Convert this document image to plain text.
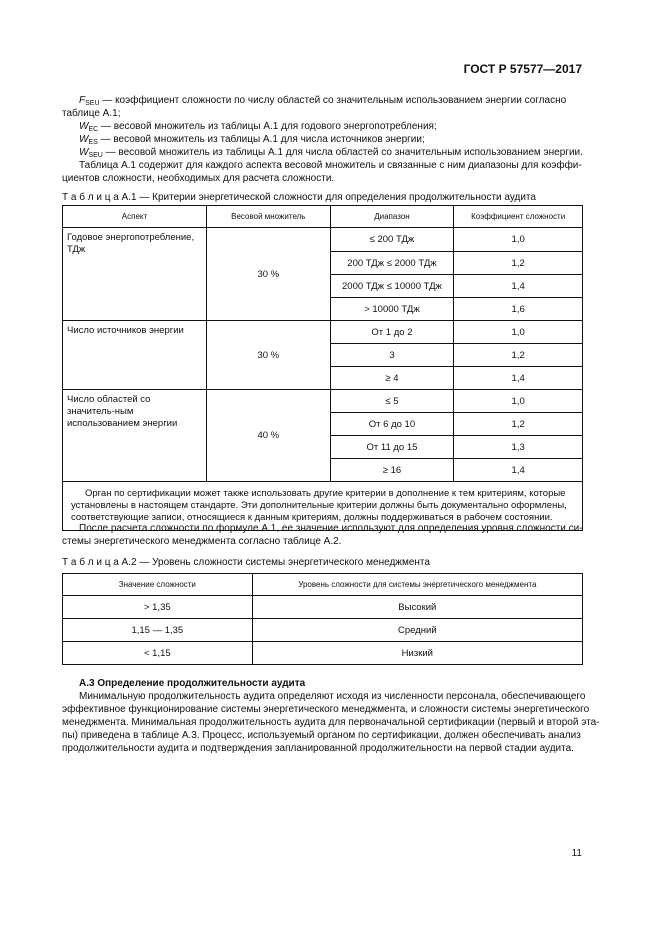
ГОСТ Р 57577—2017
$F_{SEU}$ — коэффициент сложности по числу областей со значительным использованием энергии согласно
таблице А.1;
$W_{EC}$ — весовой множитель из таблицы А.1 для годового энергопотребления;
$W_{ES}$ — весовой множитель из таблицы А.1 для числа источников энергии;
$W_{SEU}$ — весовой множитель из таблицы А.1 для числа областей со значительным использованием энергии.
Таблица А.1 содержит для каждого аспекта весовой множитель и связанные с ним диапазоны для коэффи-
циентов сложности, необходимых для расчета сложности.
Т а б л и ц а А.1 — Критерии энергетической сложности для определения продолжительности аудита
Аспект	Весовой множитель	Диапазон	Коэффициент сложности

Годовое энергопотребление, ТДж	30 %	≤ 200 ТДж	1,0
		200 ТДж ≤ 2000 ТДж	1,2
		2000 ТДж ≤ 10000 ТДж	1,4
		> 10000 ТДж	1,6

Число источников энергии	30 %	От 1 до 2	1,0
		3	1,2
		≥ 4	1,4

Число областей со значитель-ным использованием энергии	40 %	≤ 5	1,0
		От 6 до 10	1,2
		От 11 до 15	1,3
		≥ 16	1,4

Орган по сертификации может также использовать другие критерии в дополнение к тем критериям, которые установлены в настоящем стандарте. Эти дополнительные критерии должны быть документально оформлены, соответствующие записи, относящиеся к данным критериям, должны поддерживаться в рабочем состоянии.			
После расчета сложности по формуле А.1, ее значение используют для определения уровня сложности си-
стемы энергетического менеджмента согласно таблице А.2.
Т а б л и ц а А.2 — Уровень сложности системы энергетического менеджмента
Значение сложности	Уровень сложности для системы энергетического менеджмента
> 1,35	Высокий
1,15 — 1,35	Средний
< 1,15	Низкий
А.3 Определение продолжительности аудита
Минимальную продолжительность аудита определяют исходя из численности персонала, обеспечивающего
эффективное функционирование системы энергетического менеджмента, и сложности системы энергетического
менеджмента. Минимальная продолжительность аудита для первоначальной сертификации (первый и второй эта-
пы) приведена в таблице А.3. Процесс, используемый органом по сертификации, должен обеспечивать анализ
продолжительности аудита и подтверждения запланированной продолжительности на первой стадии аудита.
11
